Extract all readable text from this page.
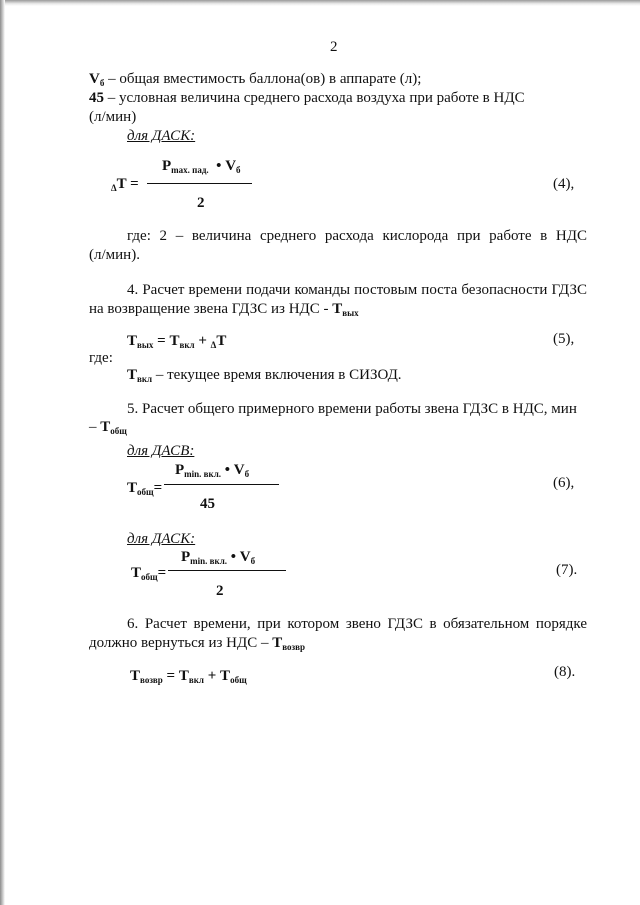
2
$V_б$ – общая вместимость баллона(ов) в аппарате (л);
45 – условная величина среднего расхода воздуха при работе в НДС
(л/мин)
для ДАСК:
$P_{max. пад.}$ • $V_б$
$_\Delta$T =
2
(4),
где: 2 – величина среднего расхода кислорода при работе в НДС
(л/мин).
4. Расчет времени подачи команды постовым поста безопасности ГДЗС
на возвращение звена ГДЗС из НДС - $T_{вых}$
$T_{вых} = T_{вкл} + _\Delta T$	(5),
где:
$T_{вкл}$ – текущее время включения в СИЗОД.
5. Расчет общего примерного времени работы звена ГДЗС в НДС, мин
– $T_{общ}$
для ДАСВ:
$P_{min. вкл.}$ • $V_б$
$T_{общ}=$
45
(6),
для ДАСК:
$P_{min. вкл.}$ • $V_б$
$T_{общ}=$
2
(7).
6. Расчет времени, при котором звено ГДЗС в обязательном порядке
должно вернуться из НДС – $T_{возвр}$
$T_{возвр} = T_{вкл} + T_{общ}$	(8).
